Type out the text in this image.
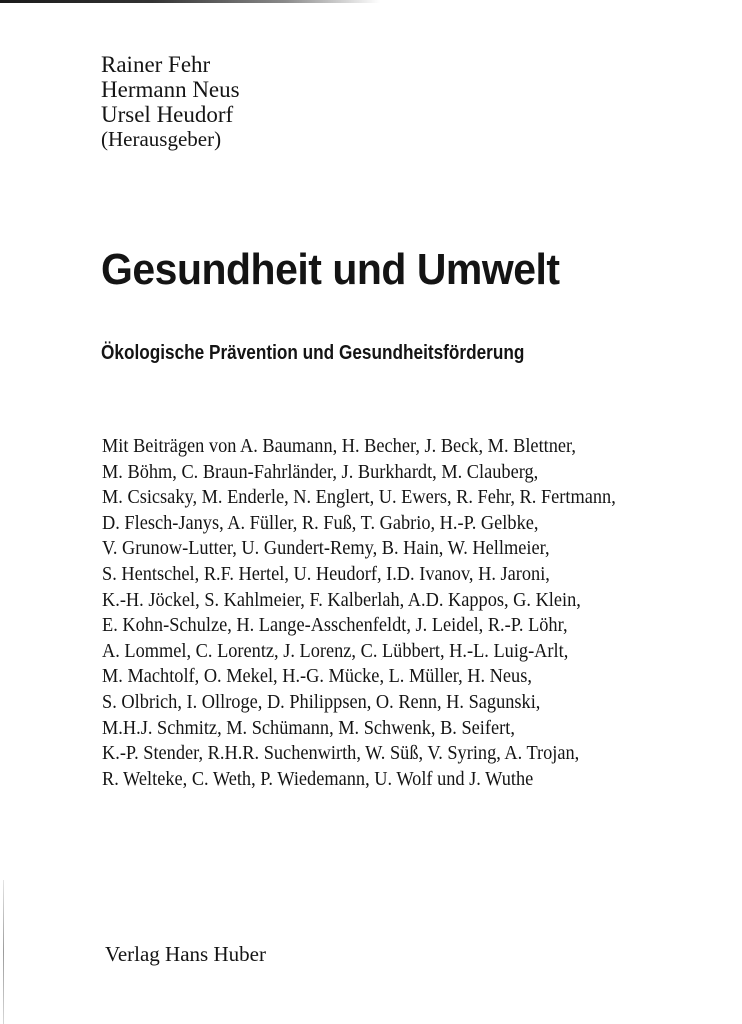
Rainer Fehr
Hermann Neus
Ursel Heudorf
(Herausgeber)
Gesundheit und Umwelt
Ökologische Prävention und Gesundheitsförderung
Mit Beiträgen von A. Baumann, H. Becher, J. Beck, M. Blettner,
M. Böhm, C. Braun-Fahrländer, J. Burkhardt, M. Clauberg,
M. Csicsaky, M. Enderle, N. Englert, U. Ewers, R. Fehr, R. Fertmann,
D. Flesch-Janys, A. Füller, R. Fuß, T. Gabrio, H.-P. Gelbke,
V. Grunow-Lutter, U. Gundert-Remy, B. Hain, W. Hellmeier,
S. Hentschel, R.F. Hertel, U. Heudorf, I.D. Ivanov, H. Jaroni,
K.-H. Jöckel, S. Kahlmeier, F. Kalberlah, A.D. Kappos, G. Klein,
E. Kohn-Schulze, H. Lange-Asschenfeldt, J. Leidel, R.-P. Löhr,
A. Lommel, C. Lorentz, J. Lorenz, C. Lübbert, H.-L. Luig-Arlt,
M. Machtolf, O. Mekel, H.-G. Mücke, L. Müller, H. Neus,
S. Olbrich, I. Ollroge, D. Philippsen, O. Renn, H. Sagunski,
M.H.J. Schmitz, M. Schümann, M. Schwenk, B. Seifert,
K.-P. Stender, R.H.R. Suchenwirth, W. Süß, V. Syring, A. Trojan,
R. Welteke, C. Weth, P. Wiedemann, U. Wolf und J. Wuthe
Verlag Hans Huber
